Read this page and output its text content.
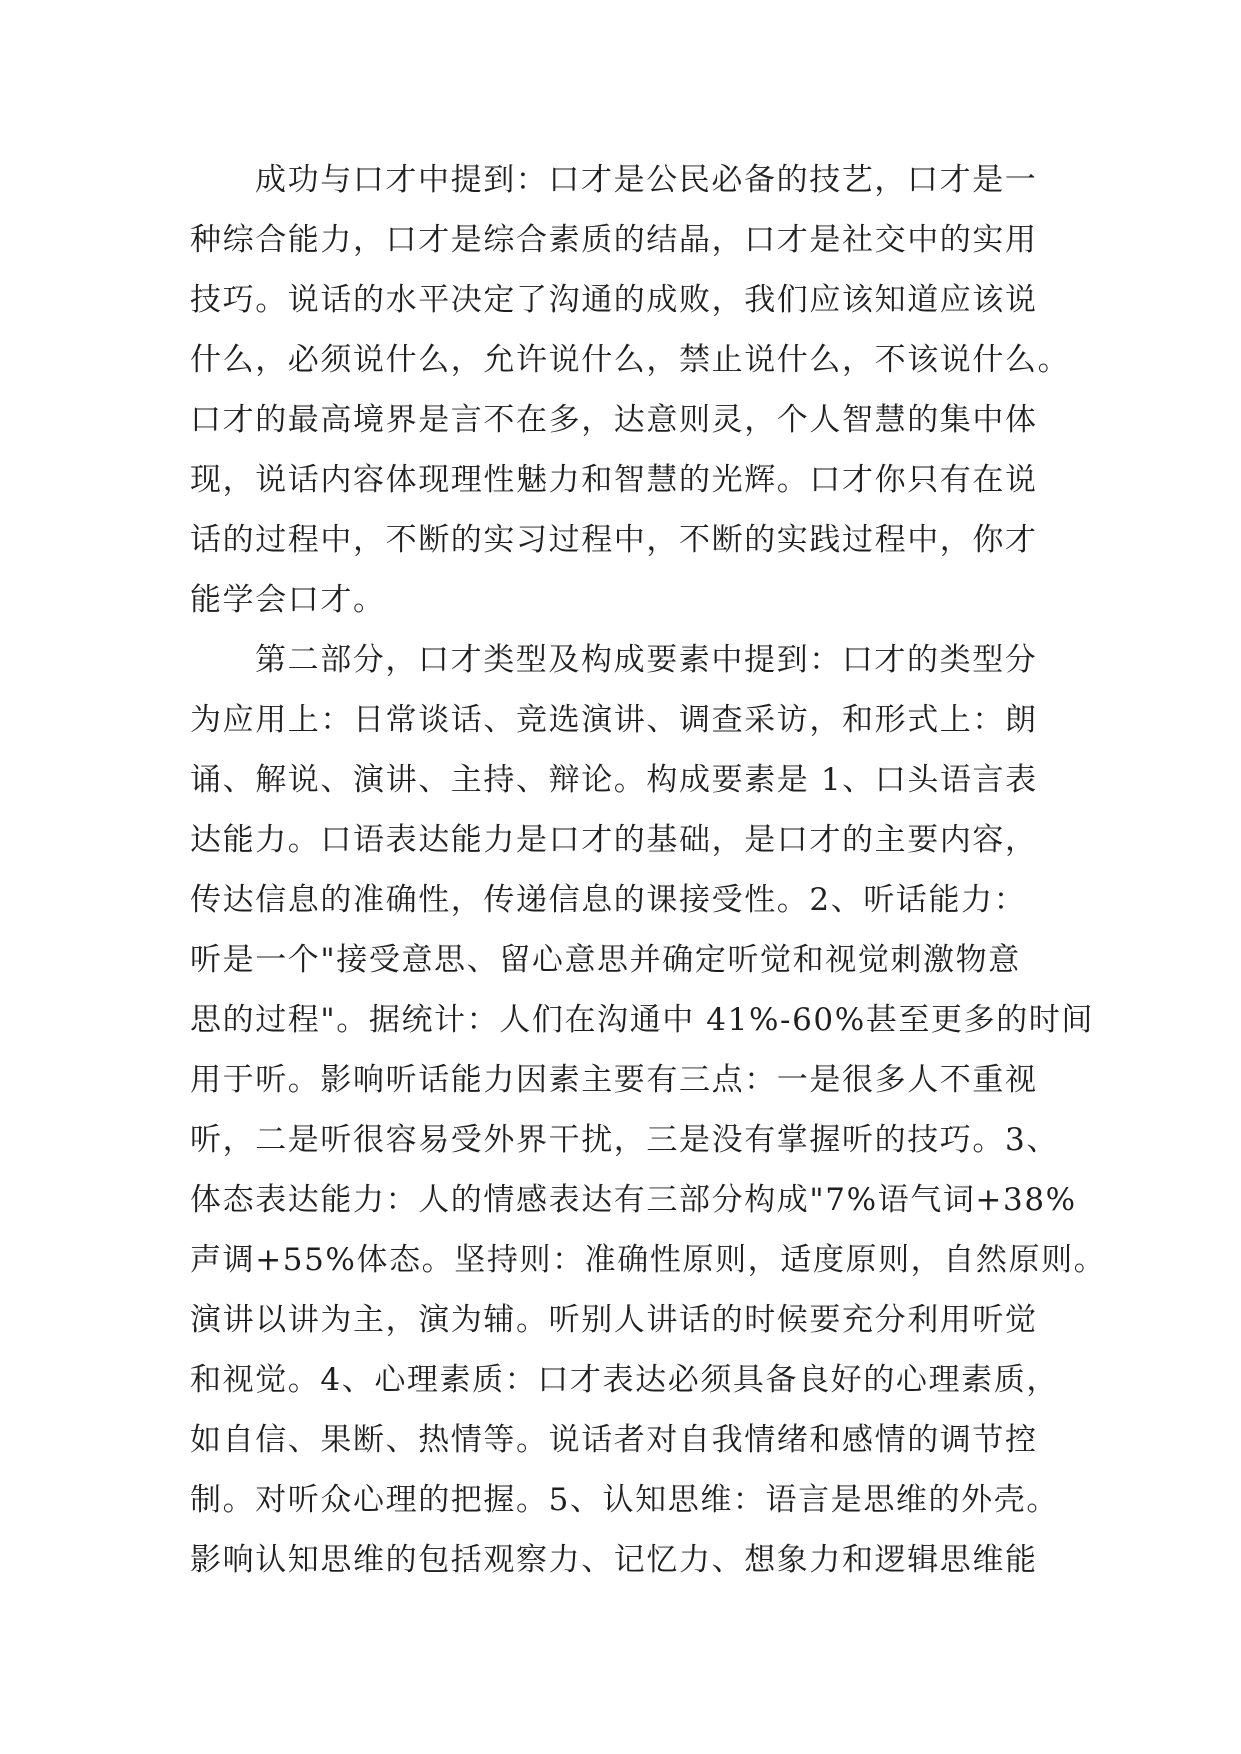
成功与口才中提到：口才是公民必备的技艺，口才是一
种综合能力，口才是综合素质的结晶，口才是社交中的实用
技巧。说话的水平决定了沟通的成败，我们应该知道应该说
什么，必须说什么，允许说什么，禁止说什么，不该说什么。
口才的最高境界是言不在多，达意则灵，个人智慧的集中体
现，说话内容体现理性魅力和智慧的光辉。口才你只有在说
话的过程中，不断的实习过程中，不断的实践过程中，你才
能学会口才。
第二部分，口才类型及构成要素中提到：口才的类型分
为应用上：日常谈话、竞选演讲、调查采访，和形式上：朗
诵、解说、演讲、主持、辩论。构成要素是 1、口头语言表
达能力。口语表达能力是口才的基础，是口才的主要内容，
传达信息的准确性，传递信息的课接受性。2、听话能力：
听是一个"接受意思、留心意思并确定听觉和视觉刺激物意
思的过程"。据统计：人们在沟通中 41%-60%甚至更多的时间
用于听。影响听话能力因素主要有三点：一是很多人不重视
听，二是听很容易受外界干扰，三是没有掌握听的技巧。3、
体态表达能力：人的情感表达有三部分构成"7%语气词+38%
声调+55%体态。坚持则：准确性原则，适度原则，自然原则。
演讲以讲为主，演为辅。听别人讲话的时候要充分利用听觉
和视觉。4、心理素质：口才表达必须具备良好的心理素质，
如自信、果断、热情等。说话者对自我情绪和感情的调节控
制。对听众心理的把握。5、认知思维：语言是思维的外壳。
影响认知思维的包括观察力、记忆力、想象力和逻辑思维能
